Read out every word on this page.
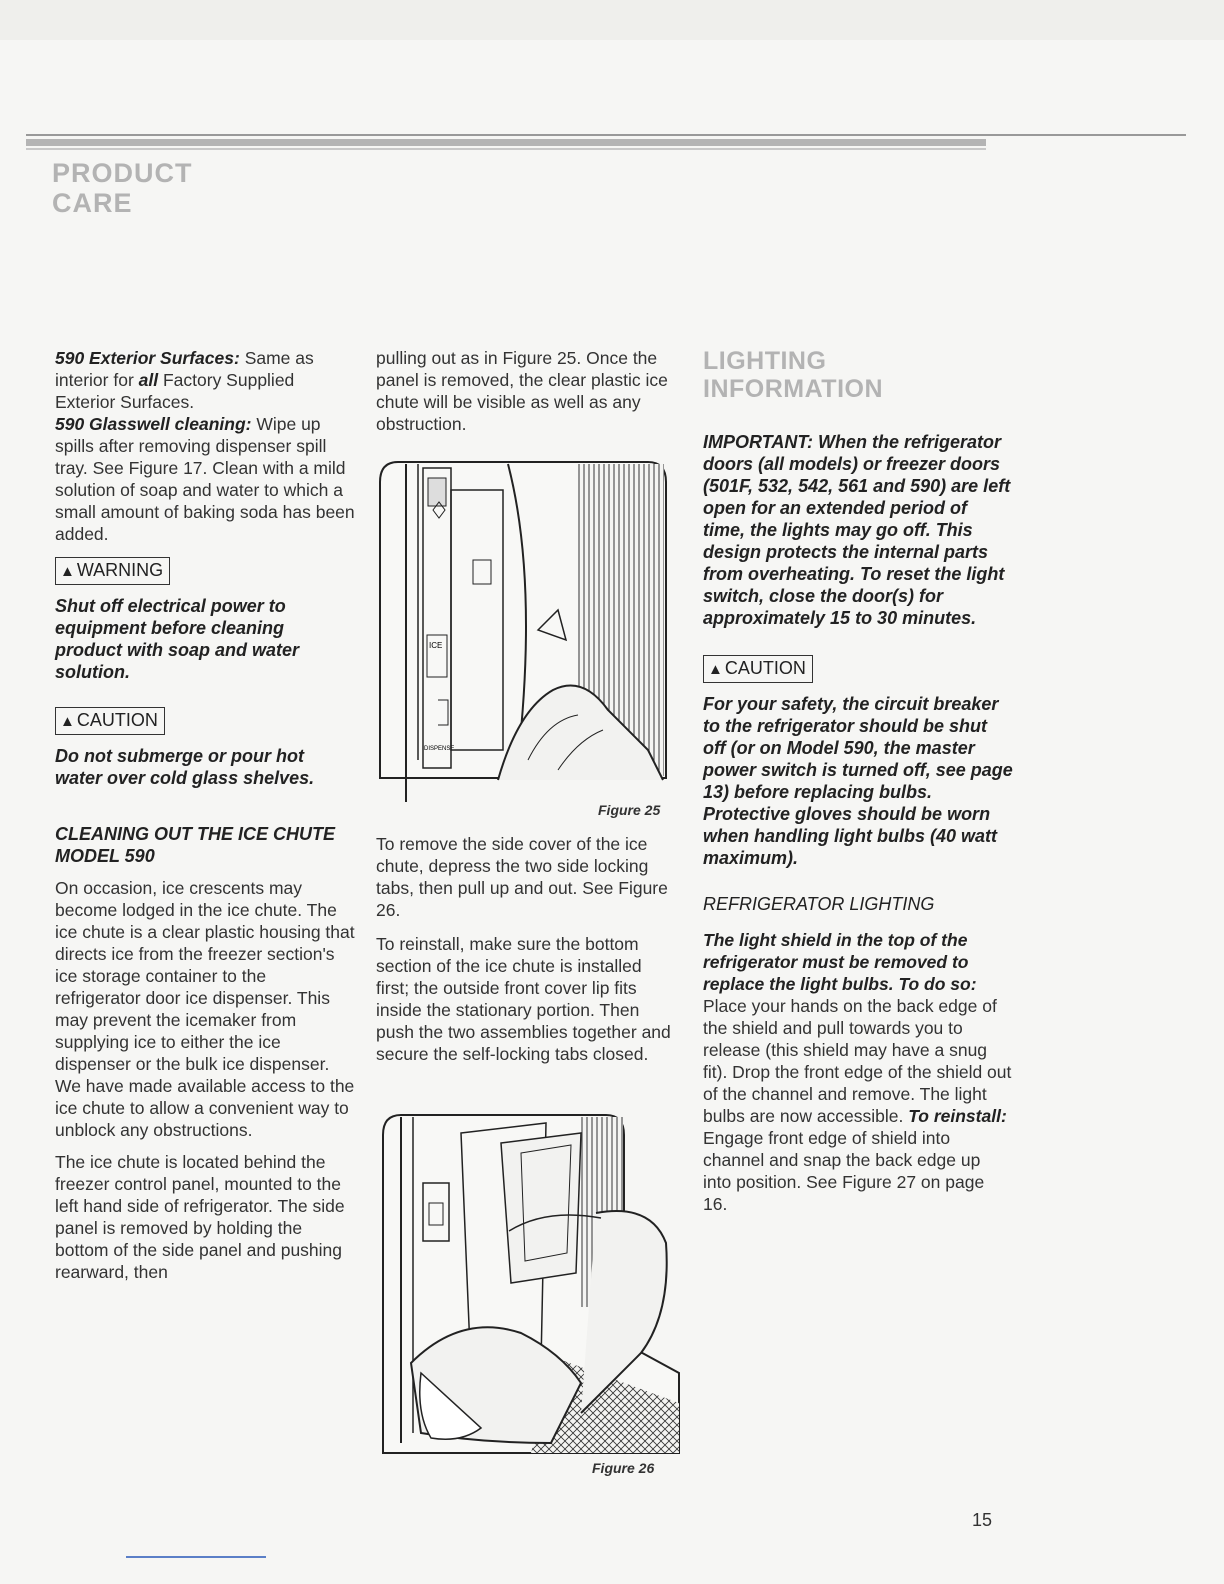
PRODUCT
CARE

590 Exterior Surfaces: Same as interior for all Factory Supplied Exterior Surfaces.

590 Glasswell cleaning: Wipe up spills after removing dispenser spill tray. See Figure 17. Clean with a mild solution of soap and water to which a small amount of baking soda has been added.

▲ WARNING

Shut off electrical power to equipment before cleaning product with soap and water solution.

▲ CAUTION

Do not submerge or pour hot water over cold glass shelves.

CLEANING OUT THE ICE CHUTE MODEL 590

On occasion, ice crescents may become lodged in the ice chute. The ice chute is a clear plastic housing that directs ice from the freezer section's ice storage container to the refrigerator door ice dispenser. This may prevent the icemaker from supplying ice to either the ice dispenser or the bulk ice dispenser. We have made available access to the ice chute to allow a convenient way to unblock any obstructions.

The ice chute is located behind the freezer control panel, mounted to the left hand side of refrigerator. The side panel is removed by holding the bottom of the side panel and pushing rearward, then

pulling out as in Figure 25. Once the panel is removed, the clear plastic ice chute will be visible as well as any obstruction.

ICE
DISPENSE
Figure 25

To remove the side cover of the ice chute, depress the two side locking tabs, then pull up and out. See Figure 26.

To reinstall, make sure the bottom section of the ice chute is installed first; the outside front cover lip fits inside the stationary portion. Then push the two assemblies together and secure the self-locking tabs closed.

Figure 26
LIGHTING
INFORMATION

IMPORTANT: When the refrigerator doors (all models) or freezer doors (501F, 532, 542, 561 and 590) are left open for an extended period of time, the lights may go off. This design protects the internal parts from overheating. To reset the light switch, close the door(s) for approximately 15 to 30 minutes.

▲ CAUTION

For your safety, the circuit breaker to the refrigerator should be shut off (or on Model 590, the master power switch is turned off, see page 13) before replacing bulbs. Protective gloves should be worn when handling light bulbs (40 watt maximum).

REFRIGERATOR LIGHTING

The light shield in the top of the refrigerator must be removed to replace the light bulbs. To do so: Place your hands on the back edge of the shield and pull towards you to release (this shield may have a snug fit). Drop the front edge of the shield out of the channel and remove. The light bulbs are now accessible. To reinstall: Engage front edge of shield into channel and snap the back edge up into position. See Figure 27 on page 16.

15
